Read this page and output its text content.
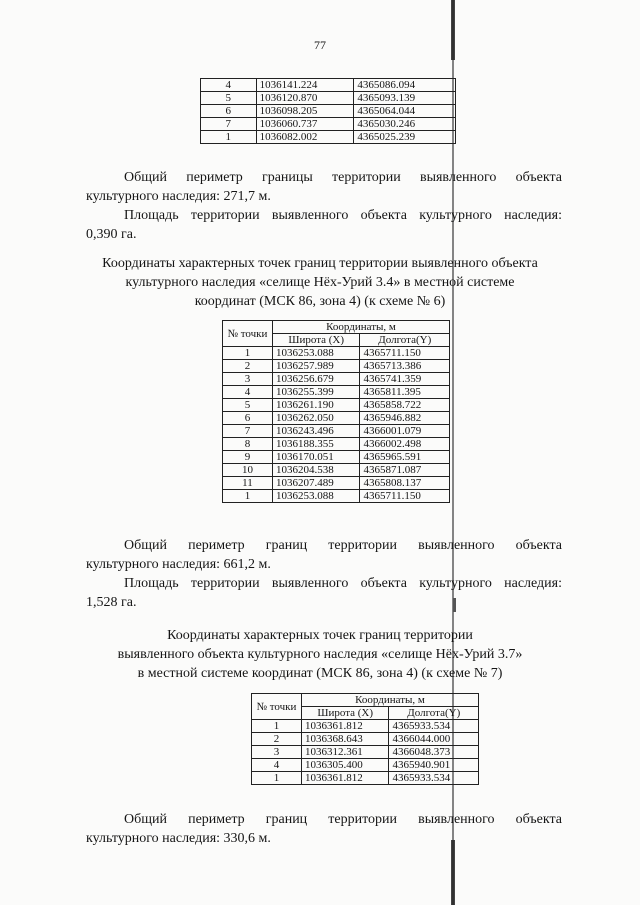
77
4	1036141.224	4365086.094
5	1036120.870	4365093.139
6	1036098.205	4365064.044
7	1036060.737	4365030.246
1	1036082.002	4365025.239

Общий периметр границы территории выявленного объекта

культурного наследия: 271,7 м.

Площадь территории выявленного объекта культурного наследия:

0,390 га.

Координаты характерных точек границ территории выявленного объекта

культурного наследия «селище Нёх-Урий 3.4» в местной системе

координат (МСК 86, зона 4) (к схеме № 6)

№ точки	Координаты, м	
	Широта (X)	Долгота(Y)
1	1036253.088	4365711.150
2	1036257.989	4365713.386
3	1036256.679	4365741.359
4	1036255.399	4365811.395
5	1036261.190	4365858.722
6	1036262.050	4365946.882
7	1036243.496	4366001.079
8	1036188.355	4366002.498
9	1036170.051	4365965.591
10	1036204.538	4365871.087
11	1036207.489	4365808.137
1	1036253.088	4365711.150

Общий периметр границ территории выявленного объекта

культурного наследия: 661,2 м.

Площадь территории выявленного объекта культурного наследия:

1,528 га.

Координаты характерных точек границ территории

выявленного объекта культурного наследия «селище Нёх-Урий 3.7»

в местной системе координат (МСК 86, зона 4) (к схеме № 7)

№ точки	Координаты, м	
	Широта (X)	Долгота(Y)
1	1036361.812	4365933.534
2	1036368.643	4366044.000
3	1036312.361	4366048.373
4	1036305.400	4365940.901
1	1036361.812	4365933.534

Общий периметр границ территории выявленного объекта

культурного наследия: 330,6 м.
